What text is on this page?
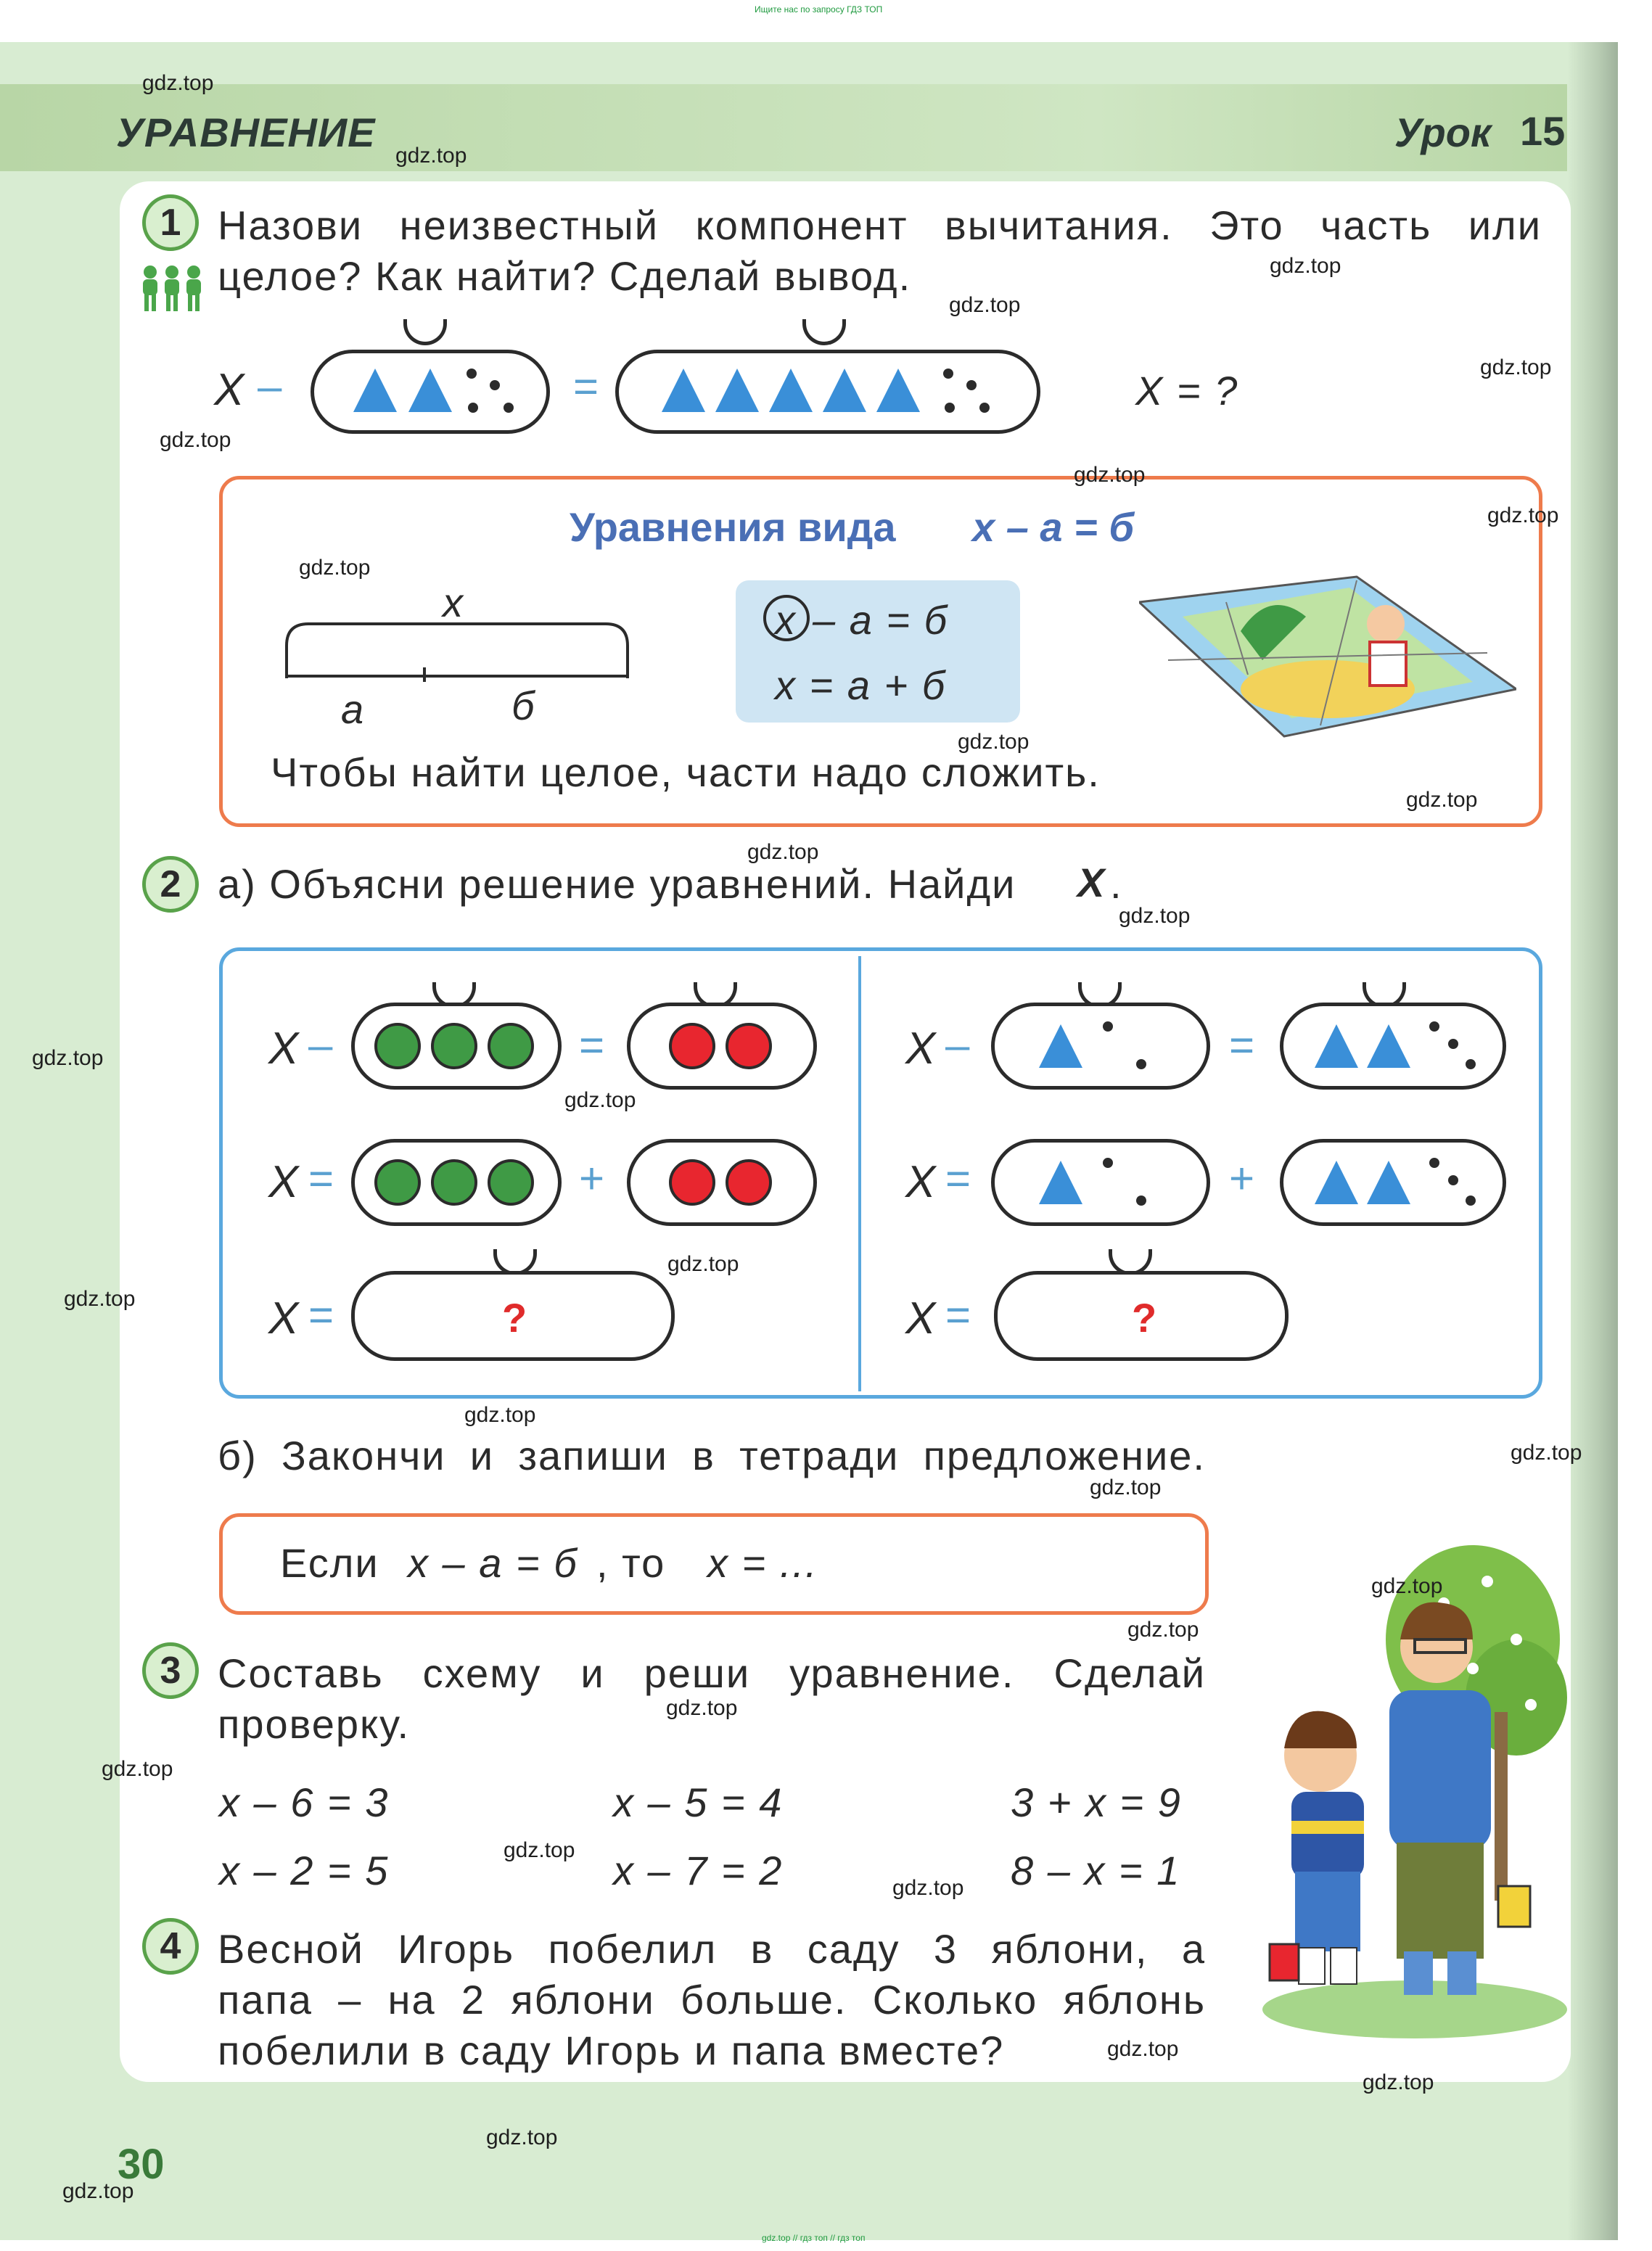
Ищите нас по запросу ГДЗ ТОП
gdz.top // гдз топ // гдз топ
УРАВНЕНИЕ	Урок 15
1 Назови неизвестный компонент вычитания. Это часть или
целое? Как найти? Сделай вывод.
X –	=	X = ?
Уравнения вида x – a = б
x
a	б
x – a = б
x = a + б
Чтобы найти целое, части надо сложить.
2 а) Объясни решение уравнений. Найди X .
X –	=
X =	+
X =	?
X –	=
X =	+
X =	?
б) Закончи и запиши в тетради предложение.
Если x – a = б , то x = ...
3 Составь схему и реши уравнение. Сделай
проверку.
x – 6 = 3	x – 5 = 4	3 + x = 9
x – 2 = 5	x – 7 = 2	8 – x = 1
4 Весной Игорь побелил в саду 3 яблони, а
папа – на 2 яблони больше. Сколько яблонь
побелили в саду Игорь и папа вместе?
30
gdz.top
gdz.top
gdz.top
gdz.top
gdz.top
gdz.top
gdz.top
gdz.top
gdz.top
gdz.top
gdz.top
gdz.top
gdz.top
gdz.top
gdz.top
gdz.top
gdz.top
gdz.top
gdz.top
gdz.top
gdz.top
gdz.top
gdz.top
gdz.top
gdz.top
gdz.top
gdz.top
gdz.top
gdz.top
gdz.top
